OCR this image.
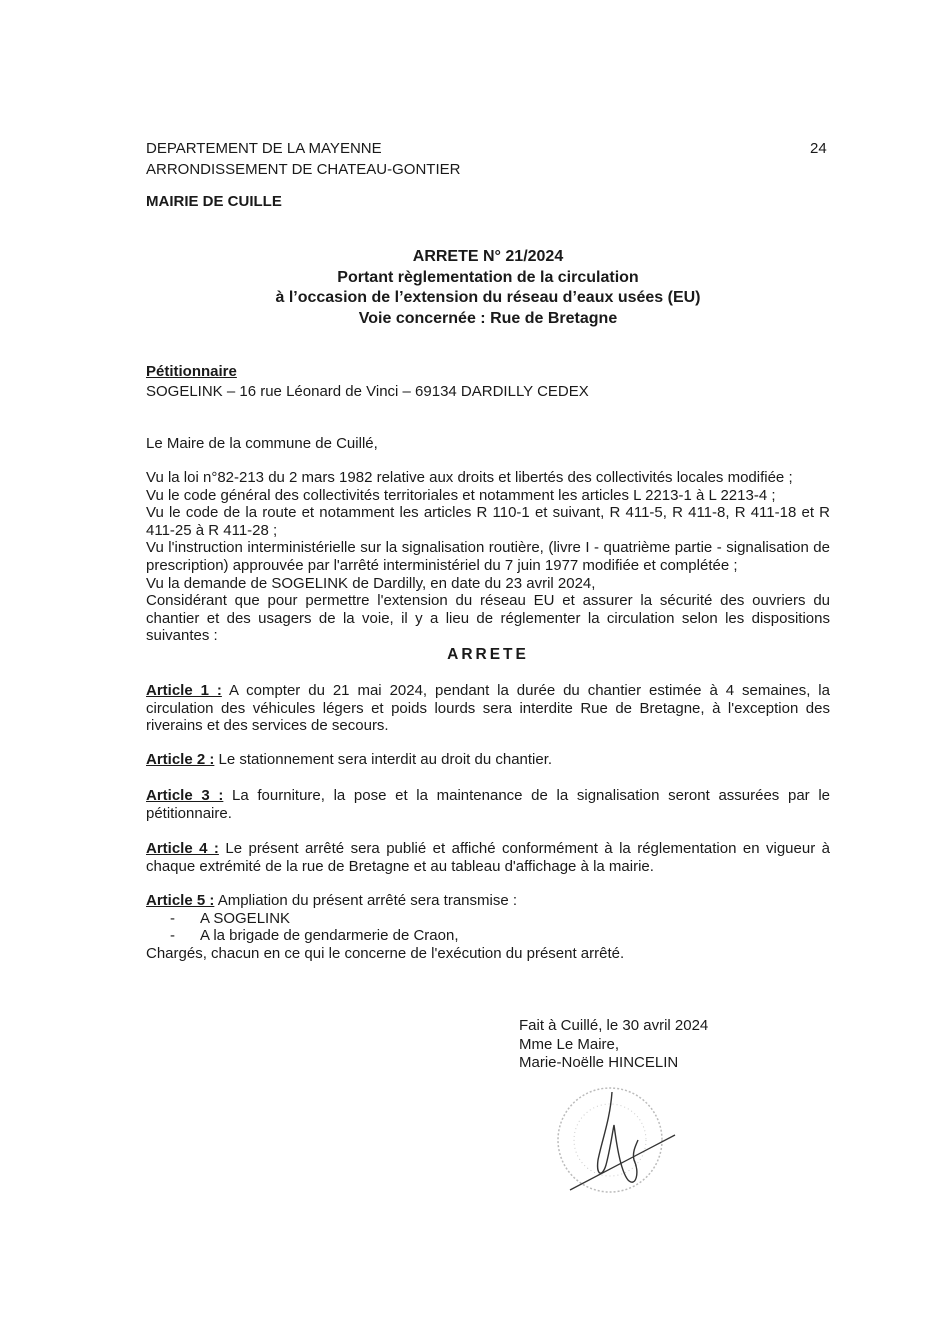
DEPARTEMENT DE LA MAYENNE
ARRONDISSEMENT DE CHATEAU-GONTIER
MAIRIE DE CUILLE
24
ARRETE N° 21/2024
Portant règlementation de la circulation
à l’occasion de l’extension du réseau d’eaux usées (EU)
Voie concernée : Rue de Bretagne
Pétitionnaire
SOGELINK – 16 rue Léonard de Vinci – 69134 DARDILLY CEDEX
Le Maire de la commune de Cuillé,
Vu la loi n°82-213 du 2 mars 1982 relative aux droits et libertés des collectivités locales modifiée ;
Vu le code général des collectivités territoriales et notamment les articles L 2213-1 à L 2213-4 ;
Vu le code de la route et notamment les articles R 110-1 et suivant, R 411-5, R 411-8, R 411-18 et R 411-25 à R 411-28 ;
Vu l'instruction interministérielle sur la signalisation routière, (livre I - quatrième partie - signalisation de prescription) approuvée par l'arrêté interministériel du 7 juin 1977 modifiée et complétée ;
Vu la demande de SOGELINK de Dardilly, en date du 23 avril 2024,
Considérant que pour permettre l'extension du réseau EU et assurer la sécurité des ouvriers du chantier et des usagers de la voie, il y a lieu de réglementer la circulation selon les dispositions suivantes :
ARRETE
Article 1 : A compter du 21 mai 2024, pendant la durée du chantier estimée à 4 semaines, la circulation des véhicules légers et poids lourds sera interdite Rue de Bretagne, à l'exception des riverains et des services de secours.
Article 2 : Le stationnement sera interdit au droit du chantier.
Article 3 : La fourniture, la pose et la maintenance de la signalisation seront assurées par le pétitionnaire.
Article 4 : Le présent arrêté sera publié et affiché conformément à la réglementation en vigueur à chaque extrémité de la rue de Bretagne et au tableau d'affichage à la mairie.
Article 5 : Ampliation du présent arrêté sera transmise :
- A SOGELINK
- A la brigade de gendarmerie de Craon,
Chargés, chacun en ce qui le concerne de l'exécution du présent arrêté.
Fait à Cuillé, le 30 avril 2024
Mme Le Maire,
Marie-Noëlle HINCELIN
